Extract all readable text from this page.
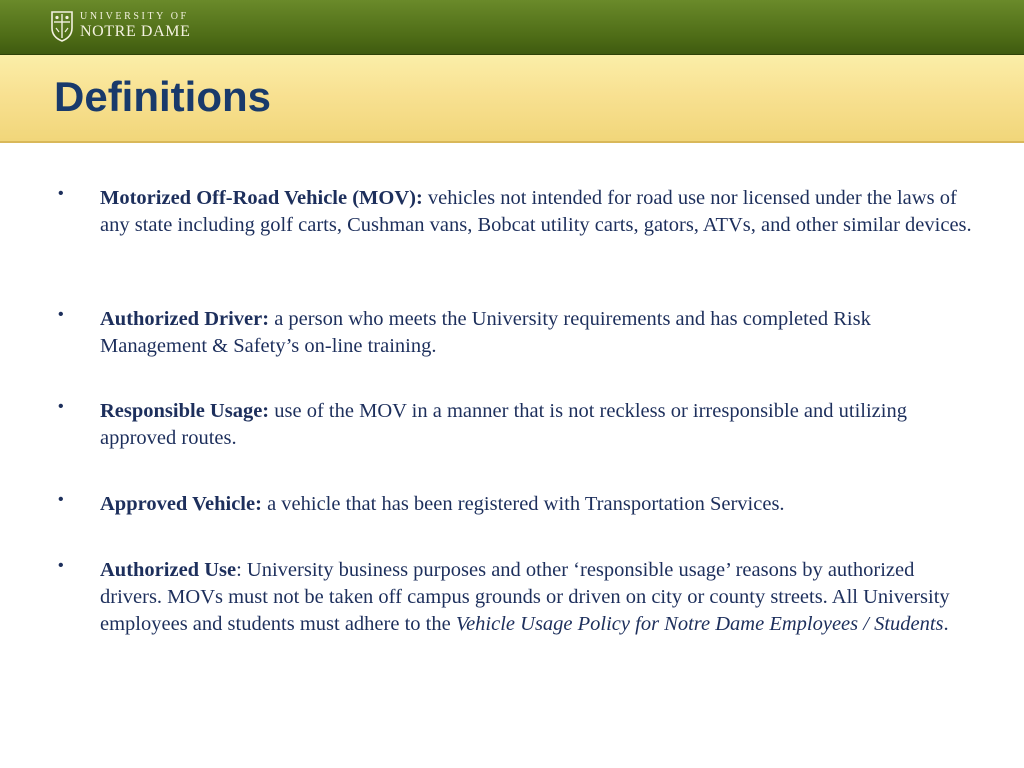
UNIVERSITY OF
NOTRE DAME
Definitions
• Motorized Off-Road Vehicle (MOV): vehicles not intended for road use nor licensed under the laws of any state including golf carts, Cushman vans, Bobcat utility carts, gators, ATVs, and other similar devices.

• Authorized Driver: a person who meets the University requirements and has completed Risk Management & Safety’s on-line training.

• Responsible Usage: use of the MOV in a manner that is not reckless or irresponsible and utilizing approved routes.

• Approved Vehicle: a vehicle that has been registered with Transportation Services.

• Authorized Use: University business purposes and other ‘responsible usage’ reasons by authorized drivers. MOVs must not be taken off campus grounds or driven on city or county streets. All University employees and students must adhere to the Vehicle Usage Policy for Notre Dame Employees / Students.
